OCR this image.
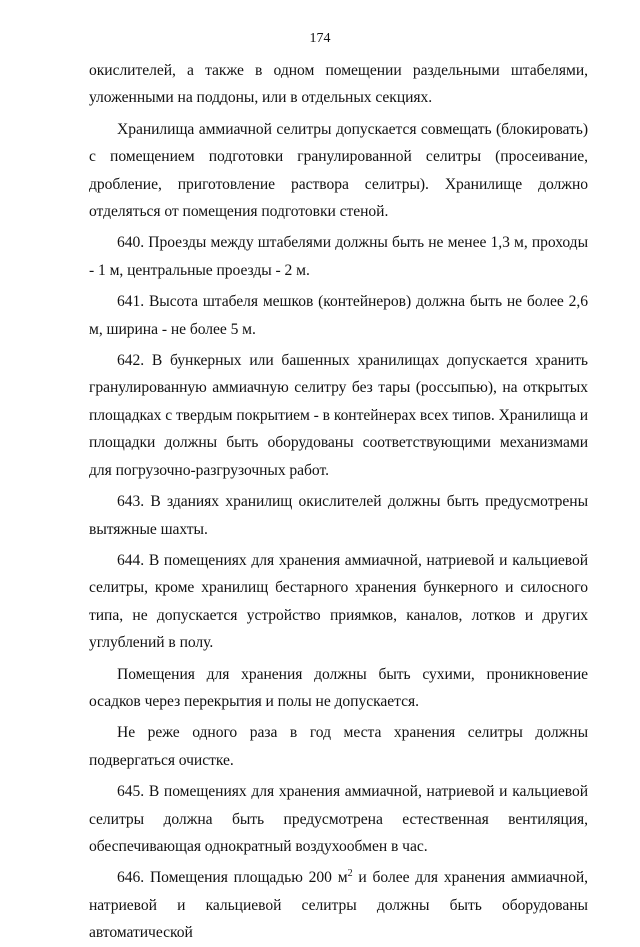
174

окислителей, а также в одном помещении раздельными штабелями, уложенными на поддоны, или в отдельных секциях.

Хранилища аммиачной селитры допускается совмещать (блокировать) с помещением подготовки гранулированной селитры (просеивание, дробление, приготовление раствора селитры). Хранилище должно отделяться от помещения подготовки стеной.

640. Проезды между штабелями должны быть не менее 1,3 м, проходы - 1 м, центральные проезды - 2 м.

641. Высота штабеля мешков (контейнеров) должна быть не более 2,6 м, ширина - не более 5 м.

642. В бункерных или башенных хранилищах допускается хранить гранулированную аммиачную селитру без тары (россыпью), на открытых площадках с твердым покрытием - в контейнерах всех типов. Хранилища и площадки должны быть оборудованы соответствующими механизмами для погрузочно-разгрузочных работ.

643. В зданиях хранилищ окислителей должны быть предусмотрены вытяжные шахты.

644. В помещениях для хранения аммиачной, натриевой и кальциевой селитры, кроме хранилищ бестарного хранения бункерного и силосного типа, не допускается устройство приямков, каналов, лотков и других углублений в полу.

Помещения для хранения должны быть сухими, проникновение осадков через перекрытия и полы не допускается.

Не реже одного раза в год места хранения селитры должны подвергаться очистке.

645. В помещениях для хранения аммиачной, натриевой и кальциевой селитры должна быть предусмотрена естественная вентиляция, обеспечивающая однократный воздухообмен в час.

646. Помещения площадью 200 $м^2$ и более для хранения аммиачной, натриевой и кальциевой селитры должны быть оборудованы автоматической
